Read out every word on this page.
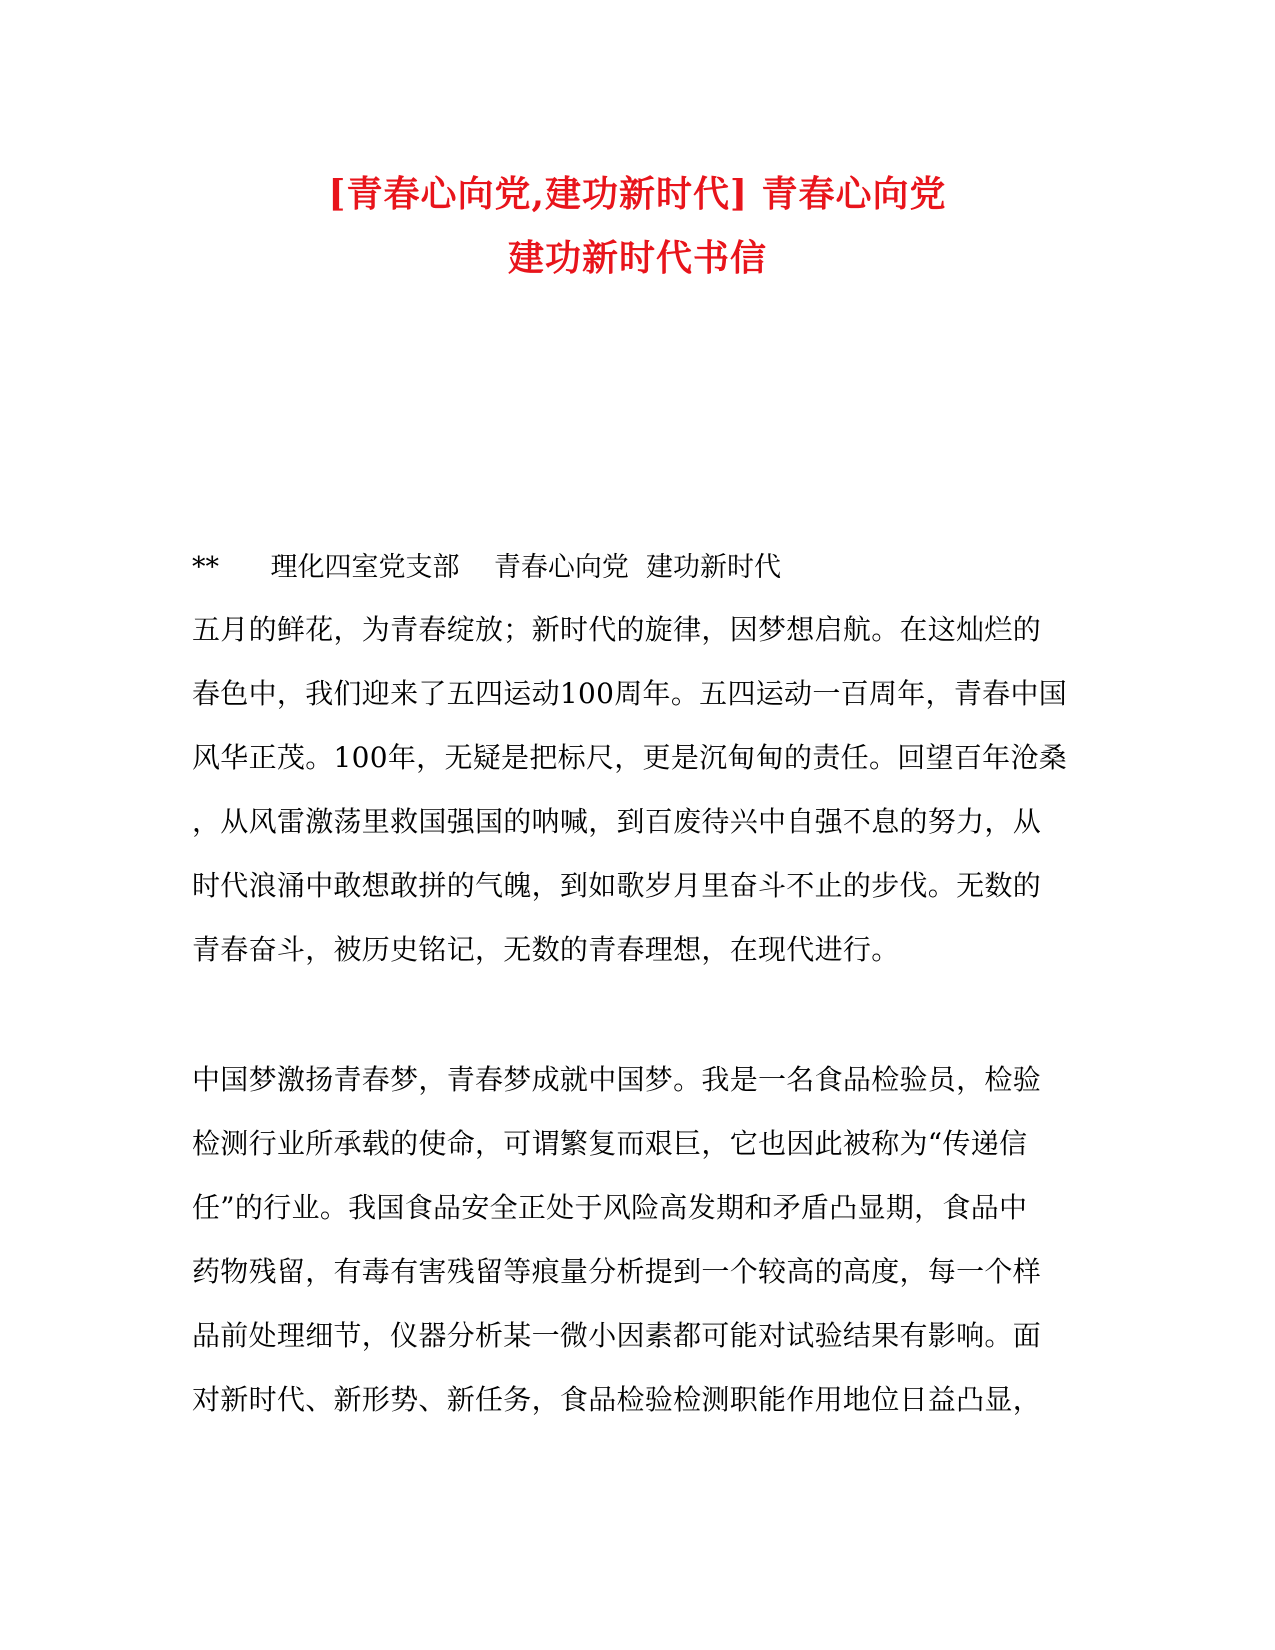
[青春心向党,建功新时代] 青春心向党
建功新时代书信
**      理化四室党支部    青春心向党  建功新时代
五月的鲜花，为青春绽放；新时代的旋律，因梦想启航。在这灿烂的
春色中，我们迎来了五四运动100周年。五四运动一百周年，青春中国
风华正茂。100年，无疑是把标尺，更是沉甸甸的责任。回望百年沧桑
，从风雷激荡里救国强国的呐喊，到百废待兴中自强不息的努力，从
时代浪涌中敢想敢拼的气魄，到如歌岁月里奋斗不止的步伐。无数的
青春奋斗，被历史铭记，无数的青春理想，在现代进行。
中国梦激扬青春梦，青春梦成就中国梦。我是一名食品检验员，检验
检测行业所承载的使命，可谓繁复而艰巨，它也因此被称为“传递信
任”的行业。我国食品安全正处于风险高发期和矛盾凸显期，食品中
药物残留，有毒有害残留等痕量分析提到一个较高的高度，每一个样
品前处理细节，仪器分析某一微小因素都可能对试验结果有影响。面
对新时代、新形势、新任务，食品检验检测职能作用地位日益凸显，
